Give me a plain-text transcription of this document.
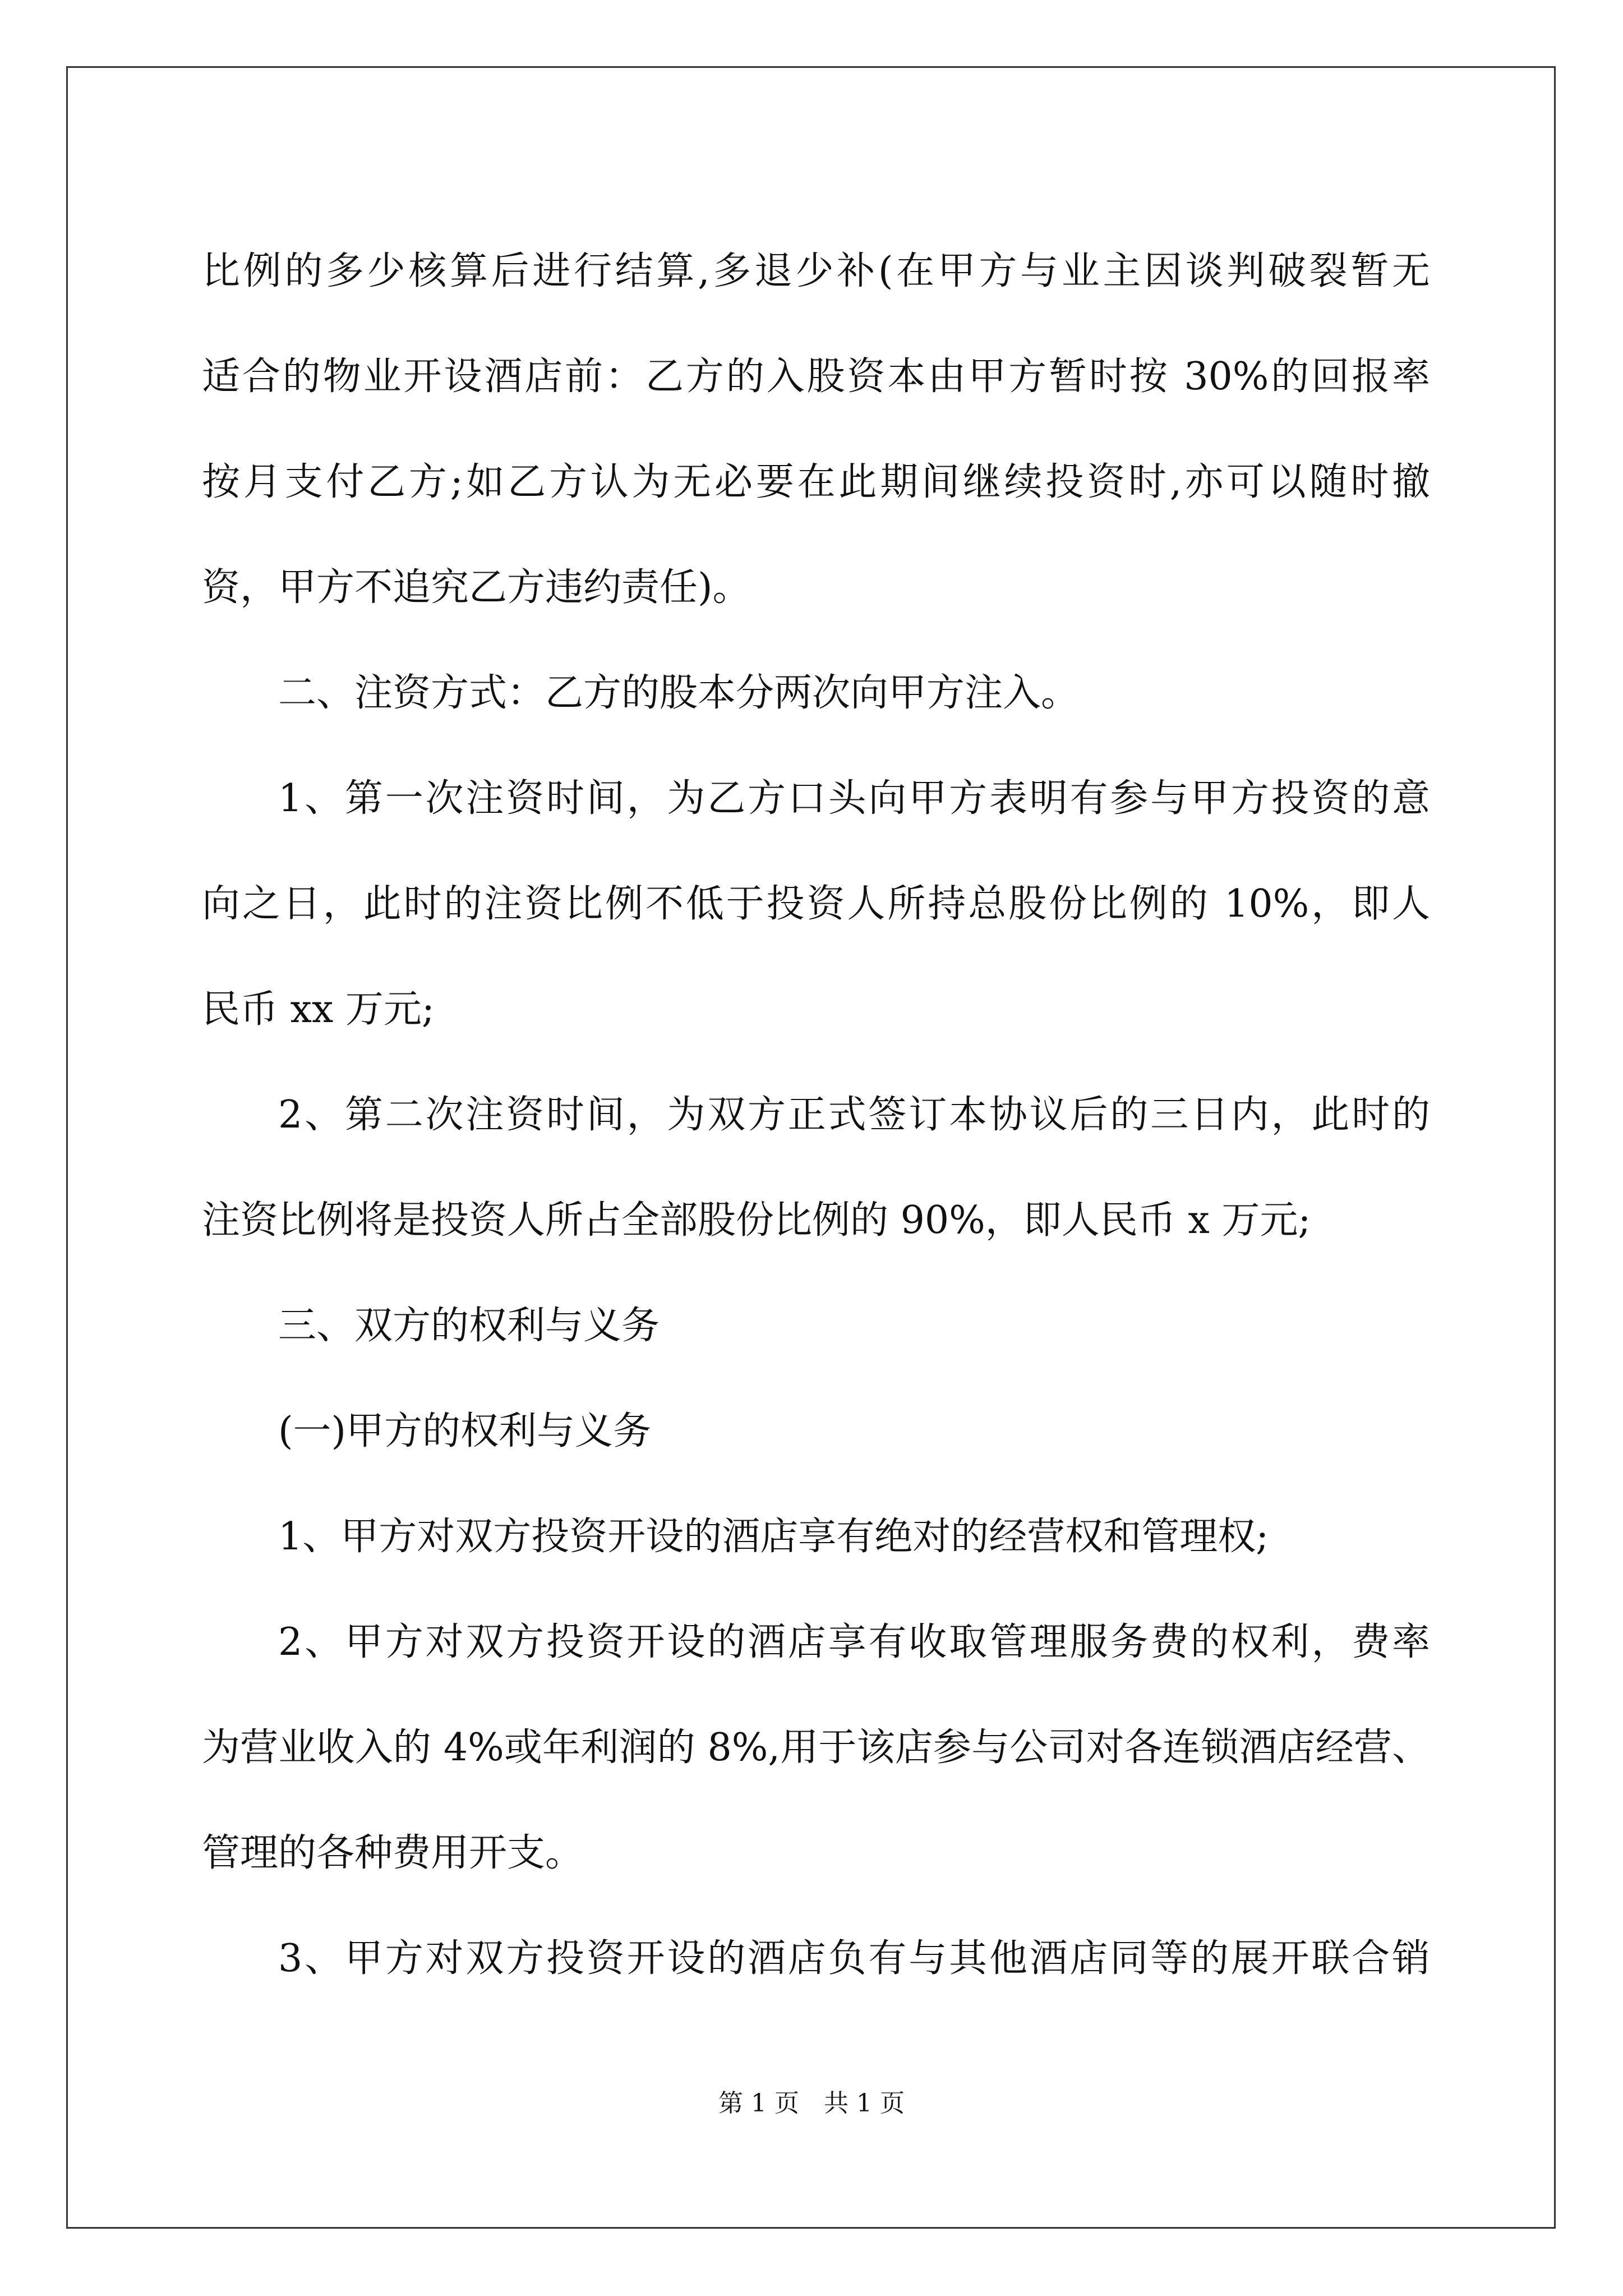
比例的多少核算后进行结算,多退少补(在甲方与业主因谈判破裂暂无
适合的物业开设酒店前：乙方的入股资本由甲方暂时按 30%的回报率
按月支付乙方;如乙方认为无必要在此期间继续投资时,亦可以随时撤
资，甲方不追究乙方违约责任)。
二、注资方式：乙方的股本分两次向甲方注入。
1、第一次注资时间，为乙方口头向甲方表明有参与甲方投资的意
向之日，此时的注资比例不低于投资人所持总股份比例的 10%，即人
民币 xx 万元;
2、第二次注资时间，为双方正式签订本协议后的三日内，此时的
注资比例将是投资人所占全部股份比例的 90%，即人民币 x 万元;
三、双方的权利与义务
(一)甲方的权利与义务
1、甲方对双方投资开设的酒店享有绝对的经营权和管理权;
2、甲方对双方投资开设的酒店享有收取管理服务费的权利，费率
为营业收入的 4%或年利润的 8%,用于该店参与公司对各连锁酒店经营、
管理的各种费用开支。
3、甲方对双方投资开设的酒店负有与其他酒店同等的展开联合销
第 1 页　共 1 页
